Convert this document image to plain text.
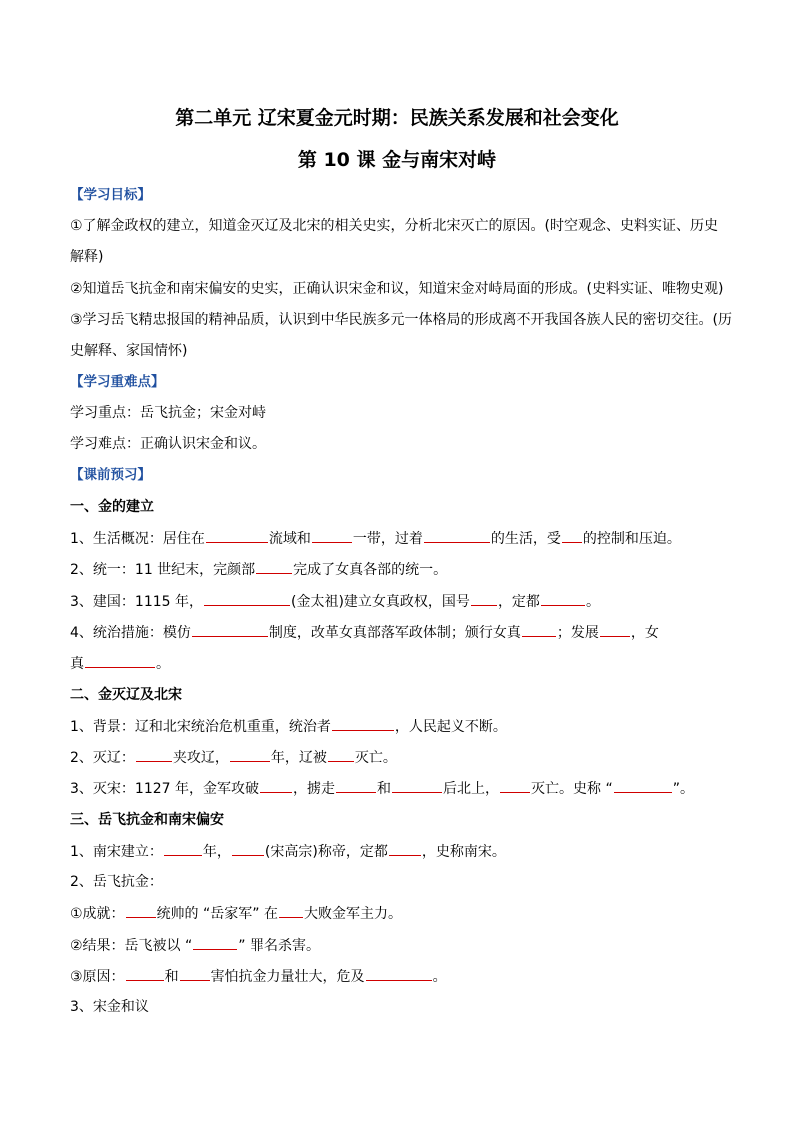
第二单元 辽宋夏金元时期：民族关系发展和社会变化
第 10 课 金与南宋对峙
【学习目标】
①了解金政权的建立，知道金灭辽及北宋的相关史实，分析北宋灭亡的原因。(时空观念、史料实证、历史
解释)
②知道岳飞抗金和南宋偏安的史实，正确认识宋金和议，知道宋金对峙局面的形成。(史料实证、唯物史观)
③学习岳飞精忠报国的精神品质，认识到中华民族多元一体格局的形成离不开我国各族人民的密切交往。(历
史解释、家国情怀)
【学习重难点】
学习重点：岳飞抗金；宋金对峙
学习难点：正确认识宋金和议。
【课前预习】
一、金的建立
1、生活概况：居住在	流域和	一带，过着	的生活，受 的控制和压迫。
2、统一：11 世纪末，完颜部	完成了女真各部的统一。
3、建国：1115 年，	(金太祖)建立女真政权，国号 ，定都	。
4、统治措施：模仿	制度，改革女真部落军政体制；颁行女真	；发展 ，女
真	。
二、金灭辽及北宋
1、背景：辽和北宋统治危机重重，统治者	，人民起义不断。
2、灭辽：	夹攻辽，	年，辽被 灭亡。
3、灭宋：1127 年，金军攻破 ，掳走	和	后北上， 灭亡。史称 “	”。
三、岳飞抗金和南宋偏安
1、南宋建立：	年， (宋高宗)称帝，定都 ，史称南宋。
2、岳飞抗金：
①成就： 统帅的 “岳家军” 在 大败金军主力。
②结果：岳飞被以 “	” 罪名杀害。
③原因：	和 害怕抗金力量壮大，危及	。
3、宋金和议
